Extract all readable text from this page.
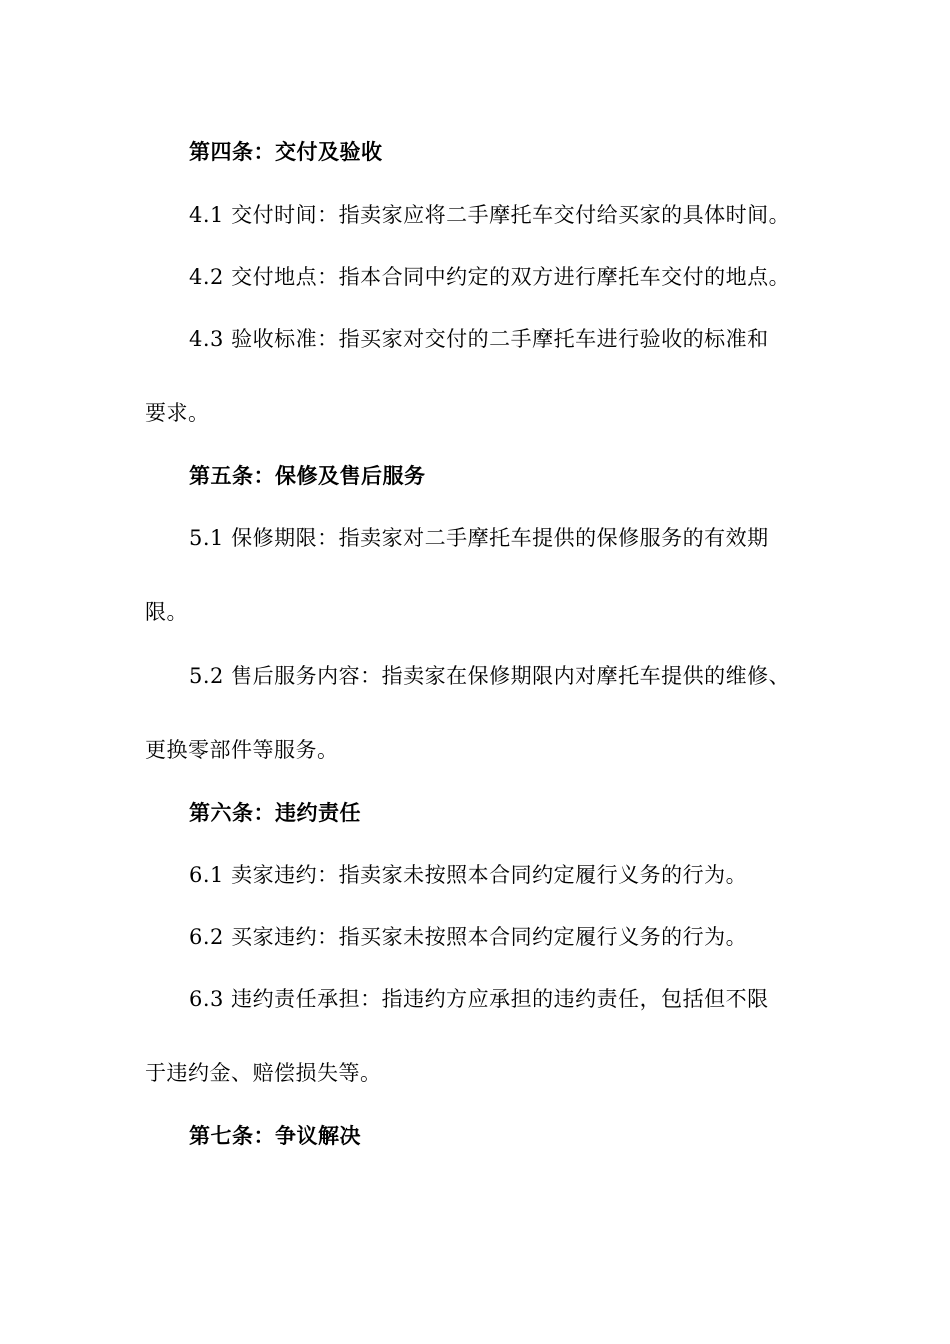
第四条：交付及验收
4.1 交付时间：指卖家应将二手摩托车交付给买家的具体时间。
4.2 交付地点：指本合同中约定的双方进行摩托车交付的地点。
4.3 验收标准：指买家对交付的二手摩托车进行验收的标准和
要求。
第五条：保修及售后服务
5.1 保修期限：指卖家对二手摩托车提供的保修服务的有效期
限。
5.2 售后服务内容：指卖家在保修期限内对摩托车提供的维修、
更换零部件等服务。
第六条：违约责任
6.1 卖家违约：指卖家未按照本合同约定履行义务的行为。
6.2 买家违约：指买家未按照本合同约定履行义务的行为。
6.3 违约责任承担：指违约方应承担的违约责任，包括但不限
于违约金、赔偿损失等。
第七条：争议解决
